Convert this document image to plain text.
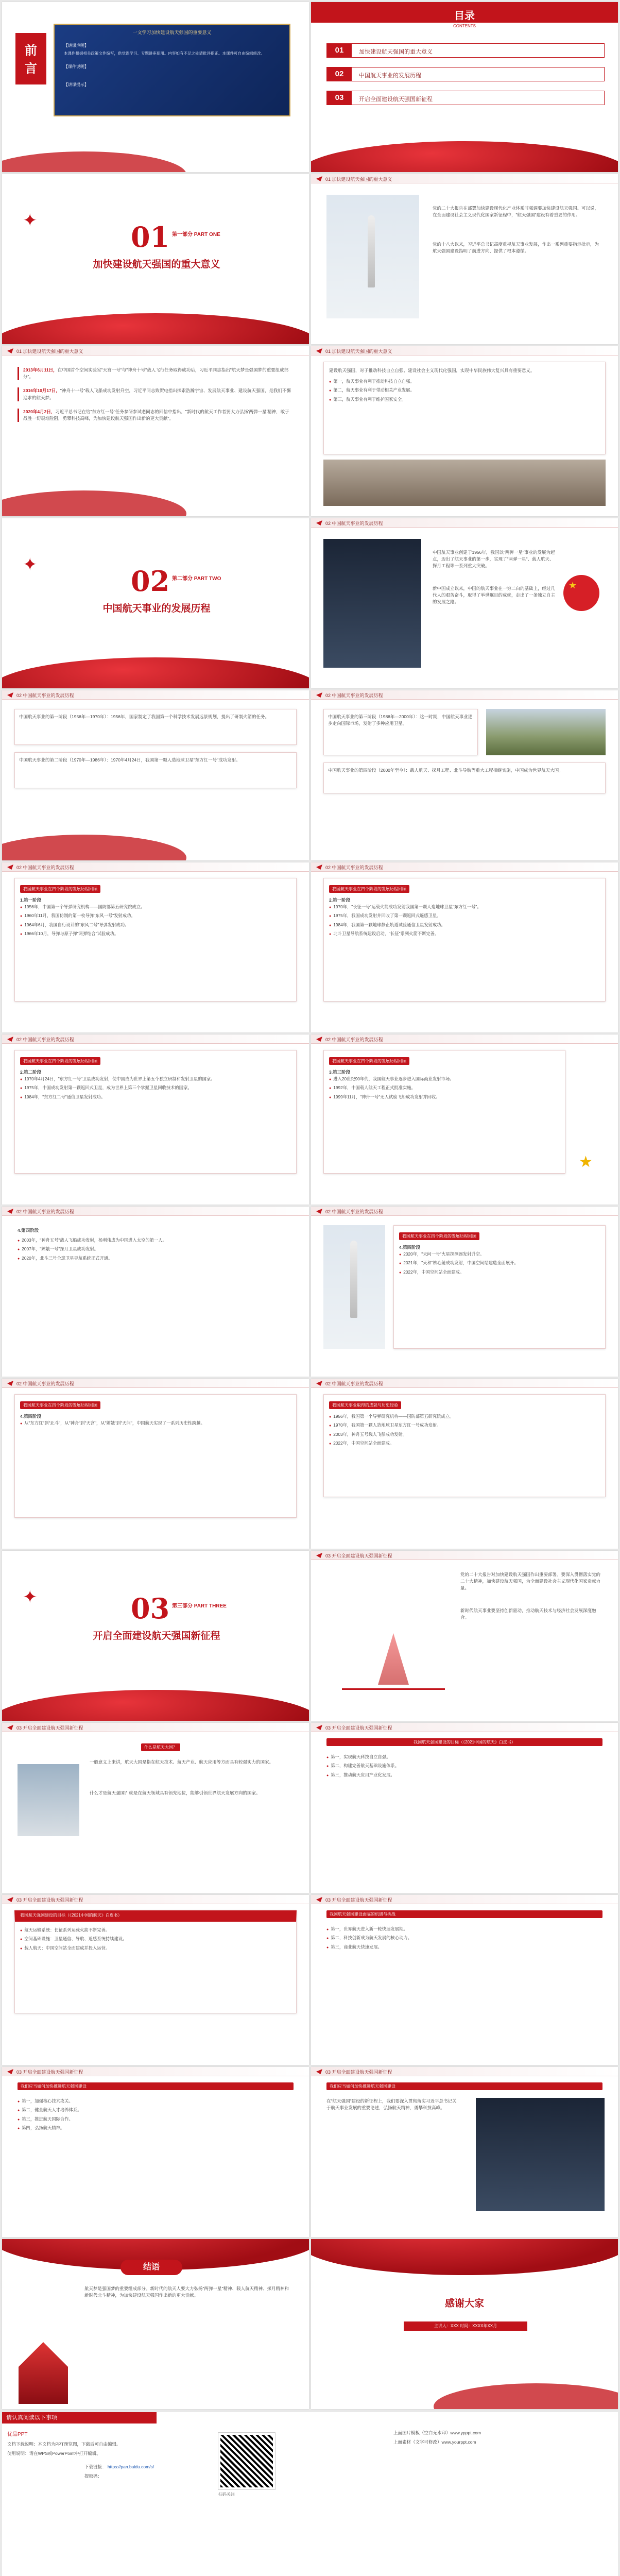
前
言
一文学习加快建设航天强国的重要意义
【讲课声明】
本课件根据相关政策文件编写，供党课学习、专题讲座使用。内容如有不足之处请批评指正。本课件可自由编辑修改。
【课件说明】
【讲课提示】
目录
CONTENTS
01	加快建设航天强国的重大意义
02	中国航天事业的发展历程
03	开启全面建设航天强国新征程
✦	01 第一部分 PART ONE
加快建设航天强国的重大意义
01 加快建设航天强国的重大意义
党的二十大报告在部署加快建设现代化产业体系时强调要加快建设航天强国。可以说，在全面建设社会主义现代化国家新征程中，"航天强国"建设有着重要的作用。
党的十八大以来，习近平总书记高度重视航天事业发展，作出一系列重要指示批示，为航天强国建设指明了前进方向、提供了根本遵循。
01 加快建设航天强国的重大意义
2013年6月11日，在中国首个空间实验室"天宫一号"与"神舟十号"载人飞行任务取得成功后，习近平同志指出"航天梦是强国梦的重要组成部分"。
2016年10月17日，"神舟十一号"载人飞船成功发射升空，习近平同志致贺电指出探索浩瀚宇宙、发展航天事业、建设航天强国，是我们不懈追求的航天梦。
2020年4月2日，习近平总书记在给"东方红一号"任务参研参试老同志的回信中指出，"新时代的航天工作者要大力弘扬'两弹一星'精神，敢于战胜一切艰难险阻，勇攀科技高峰，为加快建设航天强国作出新的更大贡献"。
01 加快建设航天强国的重大意义
建设航天强国，对于推动科技自立自强、建设社会主义现代化强国，实现中华民族伟大复兴具有重要意义。
● 第一，航天事业有利于推动科技自立自强。
● 第二，航天事业有利于带动相关产业发展。
● 第三，航天事业有利于维护国家安全。
✦	02 第二部分 PART TWO
中国航天事业的发展历程
02 中国航天事业的发展历程
中国航天事业创建于1956年，我国以"两弹一星"事业的发展为起点，迈出了航天事业的第一步，实现了"两弹一星"、载人航天、探月工程等一系列重大突破。
新中国成立以来，中国的航天事业在一穷二白的基础上，经过几代人的艰苦奋斗，取得了举世瞩目的成就，走出了一条独立自主的发展之路。
★
02 中国航天事业的发展历程
中国航天事业的第一阶段（1956年—1970年）：1956年，国家制定了我国第一个科学技术发展远景规划，提出了研制火箭的任务。
中国航天事业的第二阶段（1970年—1986年）：1970年4月24日，我国第一颗人造地球卫星"东方红一号"成功发射。
02 中国航天事业的发展历程
中国航天事业的第三阶段（1986年—2000年）：这一时期，中国航天事业逐步走向国际市场，发射了多种应用卫星。
中国航天事业的第四阶段（2000年至今）：载人航天、探月工程、北斗导航等重大工程相继实施，中国成为世界航天大国。
02 中国航天事业的发展历程
我国航天事业在四个阶段的发展历程回顾
1.第一阶段
● 1956年，中国第一个导弹研究机构——国防部第五研究院成立。
● 1960年11月，我国仿制的第一枚导弹"东风一号"发射成功。
● 1964年6月，我国自行设计的"东风二号"导弹发射成功。
● 1966年10月，导弹与原子弹"两弹结合"试验成功。
02 中国航天事业的发展历程
我国航天事业在四个阶段的发展历程回顾
2.第一阶段
● 1970年，"长征一号"运载火箭成功发射我国第一颗人造地球卫星"东方红一号"。
● 1975年，我国成功发射并回收了第一颗返回式遥感卫星。
● 1984年，我国第一颗地球静止轨道试验通信卫星发射成功。
● 北斗卫星导航系统建设启动，"长征"系列火箭不断完善。
02 中国航天事业的发展历程
我国航天事业在四个阶段的发展历程回顾
2.第二阶段
● 1970年4月24日，"东方红一号"卫星成功发射，使中国成为世界上第五个独立研制和发射卫星的国家。
● 1975年，中国成功发射第一颗返回式卫星，成为世界上第三个掌握卫星回收技术的国家。
● 1984年，"东方红二号"通信卫星发射成功。
02 中国航天事业的发展历程
我国航天事业在四个阶段的发展历程回顾
3.第三阶段
● 进入20世纪90年代，我国航天事业逐步进入国际商业发射市场。
● 1992年，中国载人航天工程正式批准实施。
● 1999年11月，"神舟一号"无人试验飞船成功发射并回收。
★
02 中国航天事业的发展历程
4.第四阶段
● 2003年，"神舟五号"载人飞船成功发射，杨利伟成为中国进入太空的第一人。
● 2007年，"嫦娥一号"探月卫星成功发射。
● 2020年，北斗三号全球卫星导航系统正式开通。
02 中国航天事业的发展历程
我国航天事业在四个阶段的发展历程回顾
4.第四阶段
● 2020年，"天问一号"火星探测器发射升空。
● 2021年，"天和"核心舱成功发射，中国空间站建造全面展开。
● 2022年，中国空间站全面建成。
02 中国航天事业的发展历程
我国航天事业在四个阶段的发展历程回顾
4.第四阶段
● 从"东方红"到"北斗"，从"神舟"到"天宫"，从"嫦娥"到"天问"，中国航天实现了一系列历史性跨越。
02 中国航天事业的发展历程
我国航天事业取得的成就与历史经验
● 1956年，我国第一个导弹研究机构——国防部第五研究院成立。
● 1970年，我国第一颗人造地球卫星东方红一号成功发射。
● 2003年，神舟五号载人飞船成功发射。
● 2022年，中国空间站全面建成。
✦	03 第三部分 PART THREE
开启全面建设航天强国新征程
03 开启全面建设航天强国新征程
党的二十大报告对加快建设航天强国作出重要部署。要深入贯彻落实党的二十大精神，加快建设航天强国，为全面建设社会主义现代化国家贡献力量。
新时代航天事业要坚持创新驱动，推动航天技术与经济社会发展深度融合。
03 开启全面建设航天强国新征程
什么是航天大国？
一般意义上来讲，航天大国是指在航天技术、航天产业、航天应用等方面具有较强实力的国家。
什么才是航天强国？就是在航天领域具有领先地位，能够引领世界航天发展方向的国家。
03 开启全面建设航天强国新征程
我国航天强国建设的目标（《2021中国的航天》白皮书）
● 第一，实现航天科技自立自强。
● 第二，构建完善航天基础设施体系。
● 第三，推动航天应用产业化发展。
03 开启全面建设航天强国新征程
我国航天强国建设的目标（《2021中国的航天》白皮书）
● 航天运输系统：长征系列运载火箭不断完善。
● 空间基础设施：卫星通信、导航、遥感系统持续建设。
● 载人航天：中国空间站全面建成并投入运营。
03 开启全面建设航天强国新征程
我国航天强国建设面临的机遇与挑战
● 第一，世界航天进入新一轮快速发展期。
● 第二，科技创新成为航天发展的核心动力。
● 第三，商业航天快速发展。
03 开启全面建设航天强国新征程
我们应当如何加快推进航天强国建设
● 第一，加强核心技术攻关。
● 第二，健全航天人才培养体系。
● 第三，推进航天国际合作。
● 第四，弘扬航天精神。
03 开启全面建设航天强国新征程
我们应当如何加快推进航天强国建设
在"航天强国"建设的新征程上，我们要深入贯彻落实习近平总书记关于航天事业发展的重要论述，弘扬航天精神，勇攀科技高峰。
结语
航天梦是强国梦的重要组成部分。新时代的航天人要大力弘扬"两弹一星"精神、载人航天精神、探月精神和新时代北斗精神，为加快建设航天强国作出新的更大贡献。
感谢大家
主讲人：XXX 时间：XXXX年XX月
请认真阅读以下事项
优品PPT
文档下载说明：本文档为PPT预览图，下载后可自由编辑。
使用说明：请在WPS或PowerPoint中打开编辑。
下载链接： https://pan.baidu.com/s/
提取码：
扫码关注
上面图片模板（空白无水印）www.ypppt.com
上面素材（文字可修改）www.yourppt.com
